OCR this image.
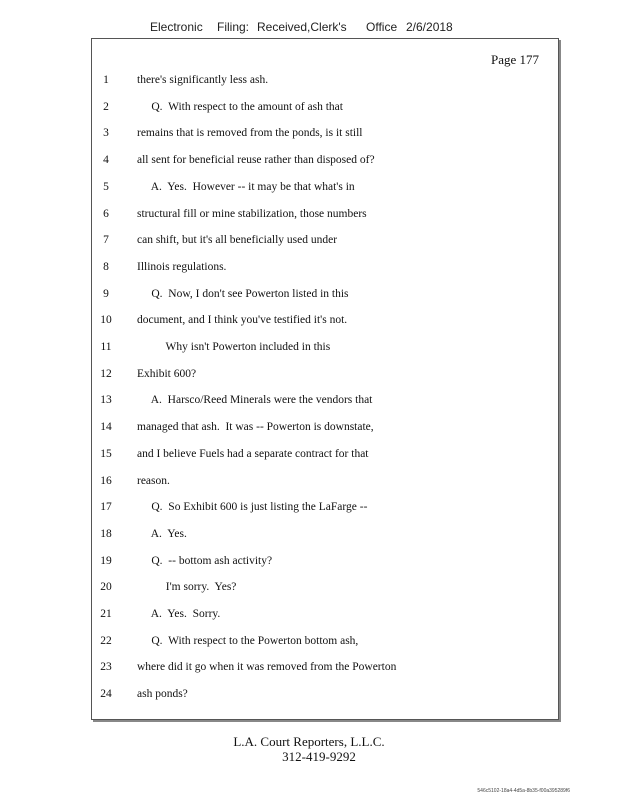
Electronic Filing: Received,Clerk's Office 2/6/2018
Page 177
1	there's significantly less ash.
2	Q.  With respect to the amount of ash that
3	remains that is removed from the ponds, is it still
4	all sent for beneficial reuse rather than disposed of?
5	A.  Yes.  However -- it may be that what's in
6	structural fill or mine stabilization, those numbers
7	can shift, but it's all beneficially used under
8	Illinois regulations.
9	Q.  Now, I don't see Powerton listed in this
10	document, and I think you've testified it's not.
11	Why isn't Powerton included in this
12	Exhibit 600?
13	A.  Harsco/Reed Minerals were the vendors that
14	managed that ash.  It was -- Powerton is downstate,
15	and I believe Fuels had a separate contract for that
16	reason.
17	Q.  So Exhibit 600 is just listing the LaFarge --
18	A.  Yes.
19	Q.  -- bottom ash activity?
20	I'm sorry.  Yes?
21	A.  Yes.  Sorry.
22	Q.  With respect to the Powerton bottom ash,
23	where did it go when it was removed from the Powerton
24	ash ponds?
L.A. Court Reporters, L.L.C.
312-419-9292
546c5102-18a4-4d5a-8b35-f00a395289f6
